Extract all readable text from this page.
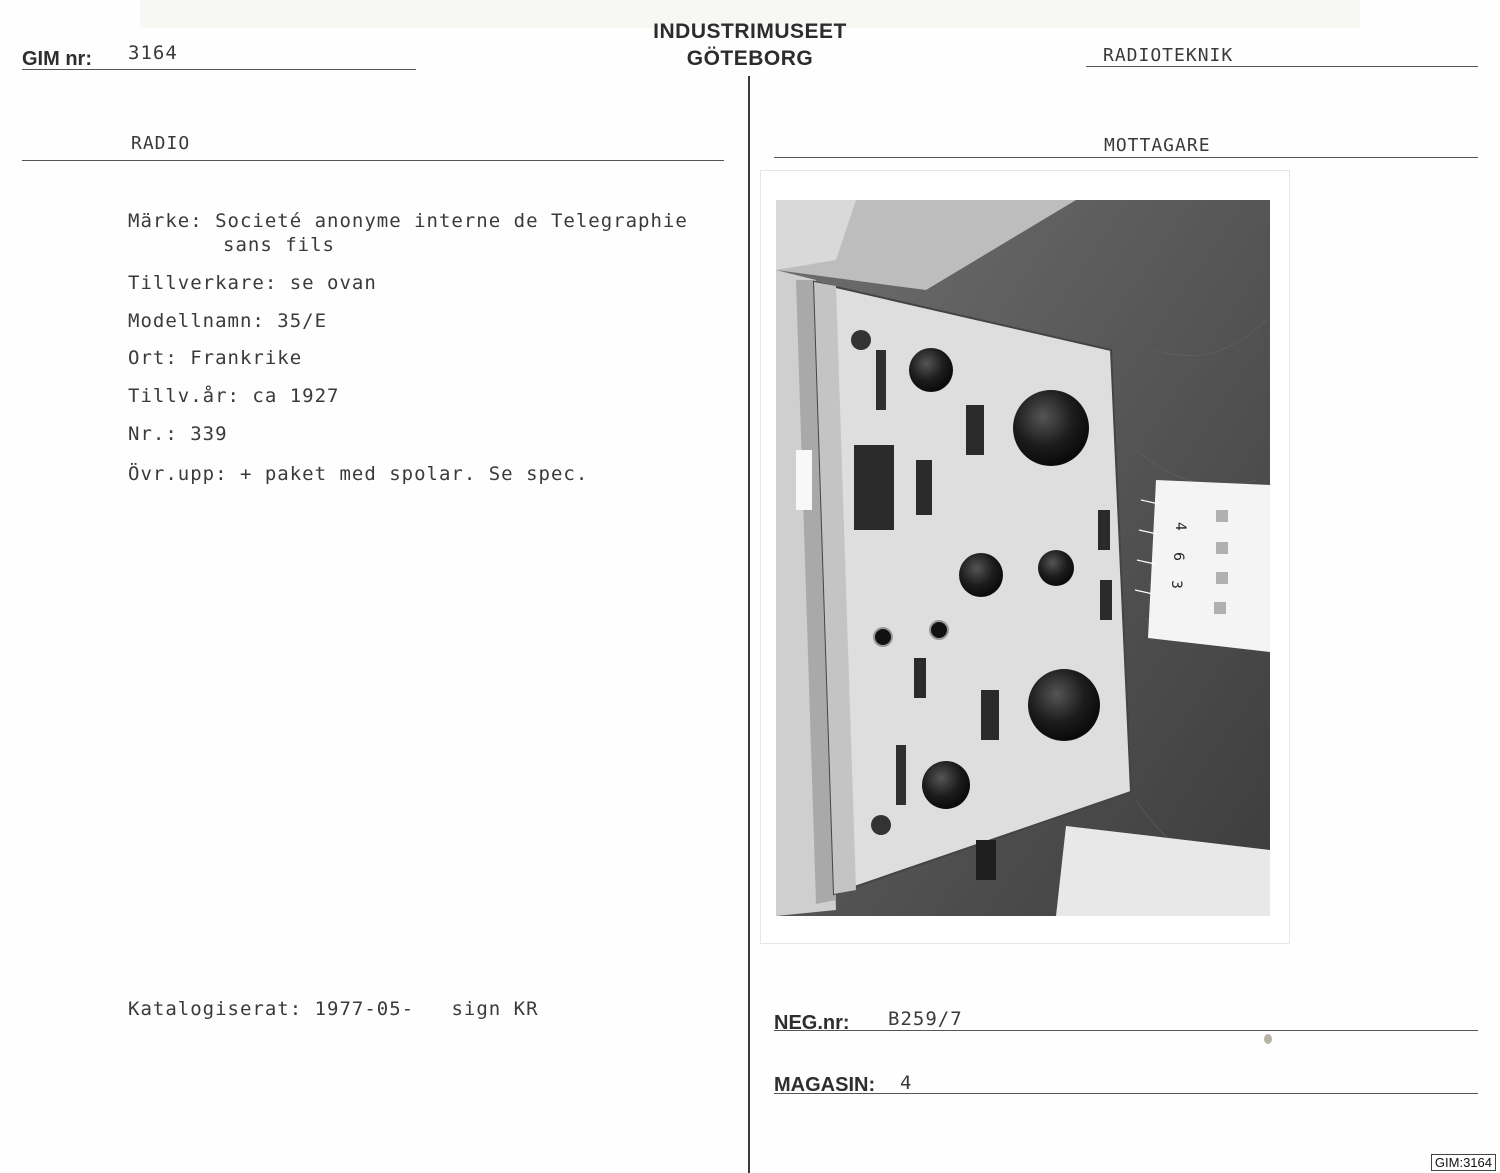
GIM nr: 3164
INDUSTRIMUSEET
GÖTEBORG	RADIOTEKNIK
RADIO	MOTTAGARE
Märke: Societé anonyme interne de Telegraphie
sans fils
Tillverkare: se ovan
Modellnamn: 35/E
Ort: Frankrike
Tillv.år: ca 1927
Nr.: 339
Övr.upp: + paket med spolar. Se spec.
Katalogiserat: 1977-05- sign KR
4
6
3
NEG.nr: B259/7
MAGASIN: 4
GIM:3164
